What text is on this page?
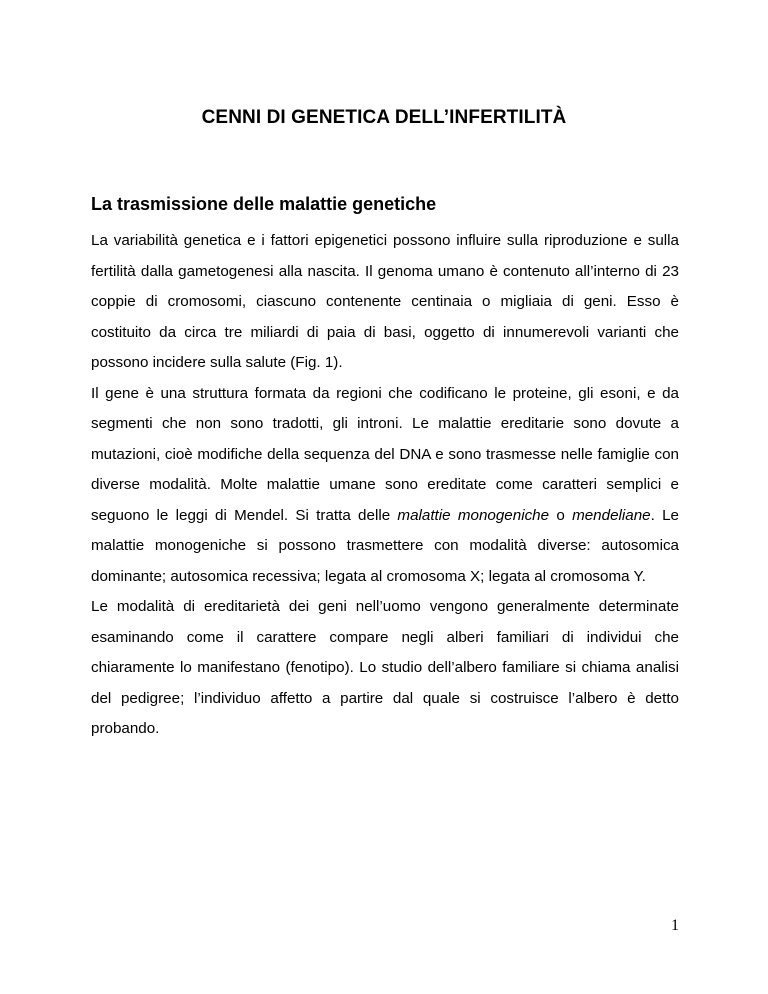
CENNI DI GENETICA DELL’INFERTILITÀ
La trasmissione delle malattie genetiche

La variabilità genetica e i fattori epigenetici possono influire sulla riproduzione e sulla fertilità dalla gametogenesi alla nascita. Il genoma umano è contenuto all’interno di 23 coppie di cromosomi, ciascuno contenente centinaia o migliaia di geni. Esso è costituito da circa tre miliardi di paia di basi, oggetto di innumerevoli varianti che possono incidere sulla salute (Fig. 1).

Il gene è una struttura formata da regioni che codificano le proteine, gli esoni, e da segmenti che non sono tradotti, gli introni. Le malattie ereditarie sono dovute a mutazioni, cioè modifiche della sequenza del DNA e sono trasmesse nelle famiglie con diverse modalità. Molte malattie umane sono ereditate come caratteri semplici e seguono le leggi di Mendel. Si tratta delle malattie monogeniche o mendeliane. Le malattie monogeniche si possono trasmettere con modalità diverse: autosomica dominante; autosomica recessiva; legata al cromosoma X; legata al cromosoma Y.

Le modalità di ereditarietà dei geni nell’uomo vengono generalmente determinate esaminando come il carattere compare negli alberi familiari di individui che chiaramente lo manifestano (fenotipo). Lo studio dell’albero familiare si chiama analisi del pedigree; l’individuo affetto a partire dal quale si costruisce l’albero è detto probando.

1
